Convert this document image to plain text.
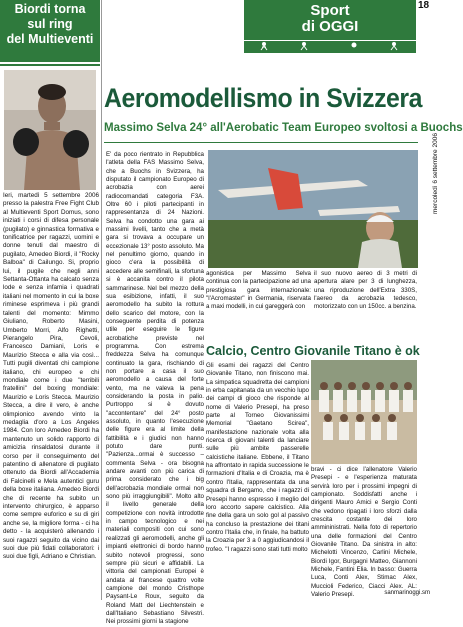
Biordi torna
sul ring
del Multieventi

Ieri, martedì 5 settembre 2006 presso la palestra Free Fight Club al Multieventi Sport Domus, sono iniziati i corsi di difesa personale (pugilato) e ginnastica formativa e tonificatrice per ragazzi, uomini e donne tenuti dal maestro di pugilato, Amedeo Biordi, il "Rocky Balboa" di Cailungo. Si, proprio lui, il pugile che negli anni Settanta-Ottanta ha calcato senza lode e senza infamia i quadrati italiani nel momento in cui la boxe riminese esprimeva i più grandi talenti del momento: Mimmo Giuliano, Roberto Masini, Umberto Morri, Alfo Righetti, Pierangelo Pira, Cevoli, Francesco Damiani, Loris e Maurizio Stecca e alla via così... Tutti pugili diventati chi campione italiano, chi europeo e chi mondiale come i due "terribili fratellini" del boxing mondiale: Maurizio e Loris Stecca. Maurizio Stecca, a dire il vero, è anche olimpionico avendo vinto la medaglia d'oro a Los Angeles 1984. Con loro Amedeo Biordi ha mantenuto un solido rapporto di amicizia rinsaldatosi durante il corso per il conseguimento del patentino di allenatore di pugilato ottenuto da Biordi all'Accademia di Falcinelli e Mela autentici guru della boxe italiana. Amedeo Biordi che di recente ha subito un intervento chirurgico, è apparso come sempre euforico e su di giri anche se, la migliore forma - ci ha detto - la acquisterò allenando i suoi ragazzi seguito da vicino dai suoi due più fidati collaboratori: i suoi due figli, Adriano e Christian.

Sport
di OGGI
18
mercoledì 6 settembre 2006
Aeromodellismo in Svizzera
Massimo Selva 24° all'Aerobatic Team Europeo svoltosi a Buochs

E' da poco rientrato in Repubblica l'atleta della FAS Massimo Selva, che a Buochs in Svizzera, ha disputato il campionato Europeo di acrobazia con aerei radiocomandati categoria F3A. Oltre 60 i piloti partecipanti in rappresentanza di 24 Nazioni. Selva ha condotto una gara ai massimi livelli, tanto che a metà gara si trovava a occupare un eccezionale 13° posto assoluto. Ma nel penultimo giorno, quando in gioco c'era la possibilità di accedere alle semifinali, la sfortuna si è accanita contro il pilota sammarinese. Nel bel mezzo della sua esibizione, infatti, il suo aeromodello ha subito la rottura dello scarico del motore, con la conseguente perdita di potenza utile per eseguire le figure acrobatiche previste nel programma. Con estrema freddezza Selva ha comunque continuato la gara, rischiando di non portare a casa il suo aeromodello a causa del forte vento, ma ne valeva la pena considerando la posta in palio. Purtroppo si è dovuto "accontentare" del 24° posto assoluto, in quanto l'esecuzione delle figure era al limite della fattibilità e i giudici non hanno potuto dare punti. "Pazienza...ormai è successo – commenta Selva - ora bisogna andare avanti con più carica di prima considerato che i big dell'acrobazia mondiale ormai non sono più irraggiungibili". Molto alto il livello generale della competizione con novità introdotte in campo tecnologico e nei materiali compositi con cui sono realizzati gli aeromodelli, anche gli impianti elettronici di bordo hanno subito notevoli progressi, sono sempre più sicuri e affidabili. La vittoria del campionati Europei è andata al francese quattro volte campione del mondo Cristhope Paysant-Le Roux, seguito da Roland Matt del Liechtenstein e dall'Italiano Sebastiano Silvestri. Nei prossimi giorni la stagione

agonistica per Massimo Selva continua con la partecipazione ad una prestigiosa gara internazionale: "l'Acromaster" in Germania, riservata a maxi modelli, in cui gareggerà con

il suo nuovo aereo di 3 metri di apertura alare per 3 di lunghezza, una riproduzione dell'Extra 330S, l'aereo da acrobazia tedesco, motorizzato con un 150cc. a benzina.

Calcio, Centro Giovanile Titano è ok

Gli esami dei ragazzi del Centro Giovanile Titano, non finiscono mai. La simpatica squadretta dei campioni in erba capitanata da un vecchio lupo dei campi di gioco che risponde al nome di Valerio Presepi, ha preso parte al Torneo Giovanissimi Memorial "Gaetano Scirea", manifestazione nazionale volta alla ricerca di giovani talenti da lanciare sulle più ambite passerelle calcistiche italiane. Ebbene, il Titano ha affrontato in rapida successione le formazioni d'Italia e di Croazia, ma è contro l'Italia, rappresentata da una squadra di Bergamo, che i ragazzi di Presepi hanno espresso il meglio del loro accorto sapere calcistico. Alla fine della gara un solo gol al passivo ha concluso la prestazione dei titani contro l'Italia che, in finale, ha battuto la Croazia per 3 a 0 aggiudicandosi il trofeo. "I ragazzi sono stati tutti molto

bravi - ci dice l'allenatore Valerio Presepi - e l'esperienza maturata servirà loro per i prossimi impegni di campionato. Soddisfatti anche i dirigenti Mauro Amici e Sergio Conti che vedono ripagati i loro sforzi dalla crescita costante dei loro ammininistrati. Nella foto di repertorio una delle formazioni del Centro Giovanile Titano. Da sinistra in alto: Michelotti Vincenzo, Carlini Michele, Biordi Igor, Burgagni Matteo, Giannoni Michele, Fantini Elia. In basso: Guerra Luca, Conti Alex, Stimac Alex, Muccioli Federico, Ciacci Alex. AL: Valerio Presepi.	sanmarinoggi.sm
